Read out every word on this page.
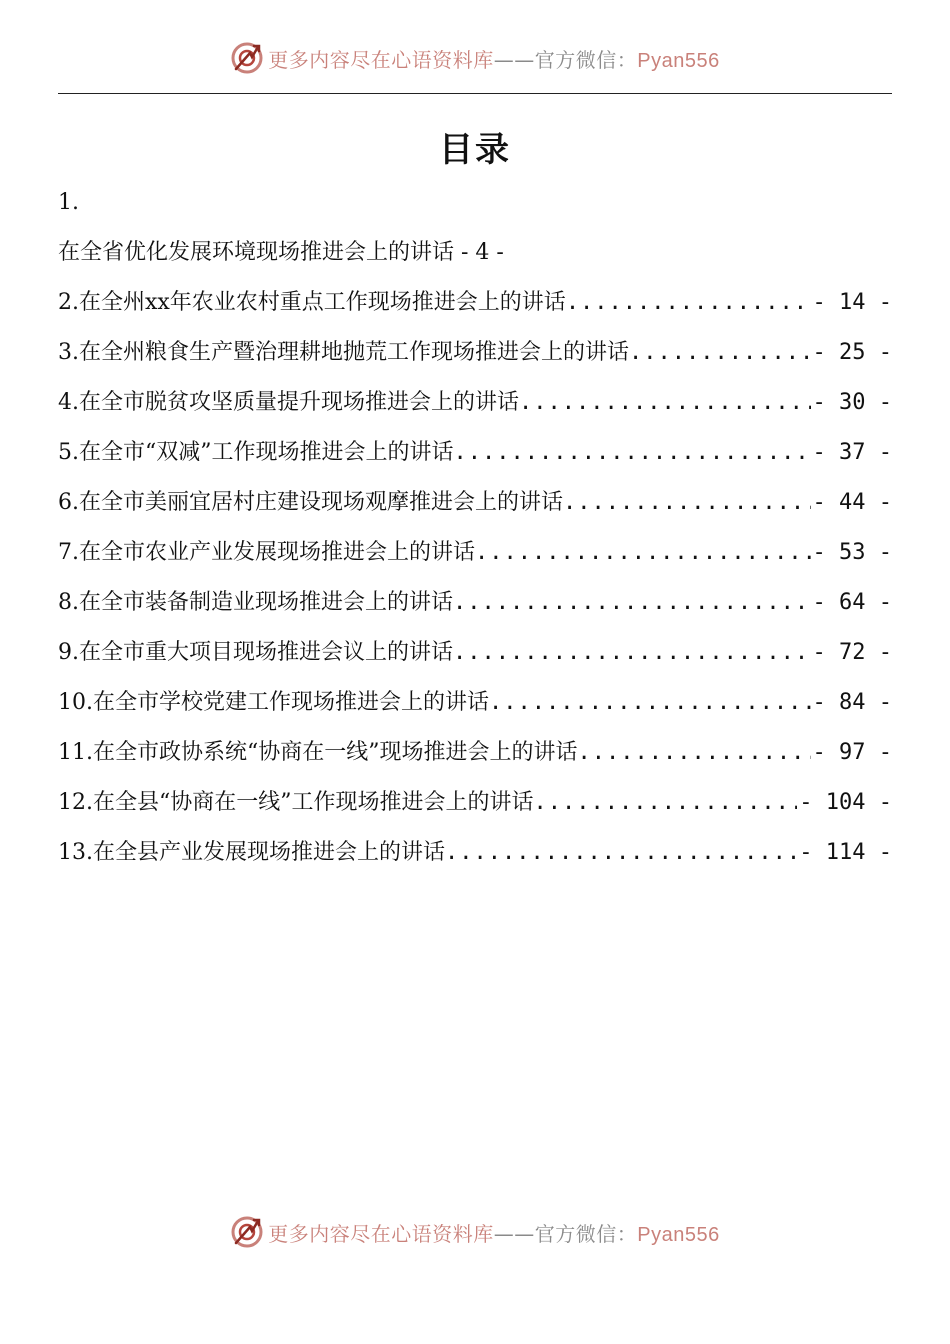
更多内容尽在心语资料库——官方微信：Pyan556
目录
1.
在全省优化发展环境现场推进会上的讲话 - 4 -
2.在全州xx年农业农村重点工作现场推进会上的讲话 .....	- 14 -
3.在全州粮食生产暨治理耕地抛荒工作现场推进会上的讲话 .....	- 25 -
4.在全市脱贫攻坚质量提升现场推进会上的讲话 .....	- 30 -
5.在全市“双减”工作现场推进会上的讲话 .....	- 37 -
6.在全市美丽宜居村庄建设现场观摩推进会上的讲话 .....	- 44 -
7.在全市农业产业发展现场推进会上的讲话 .....	- 53 -
8.在全市装备制造业现场推进会上的讲话 .....	- 64 -
9.在全市重大项目现场推进会议上的讲话 .....	- 72 -
10.在全市学校党建工作现场推进会上的讲话 .....	- 84 -
11.在全市政协系统“协商在一线”现场推进会上的讲话 .....	- 97 -
12.在全县“协商在一线”工作现场推进会上的讲话 .....	- 104 -
13.在全县产业发展现场推进会上的讲话 .....	- 114 -
更多内容尽在心语资料库——官方微信：Pyan556
